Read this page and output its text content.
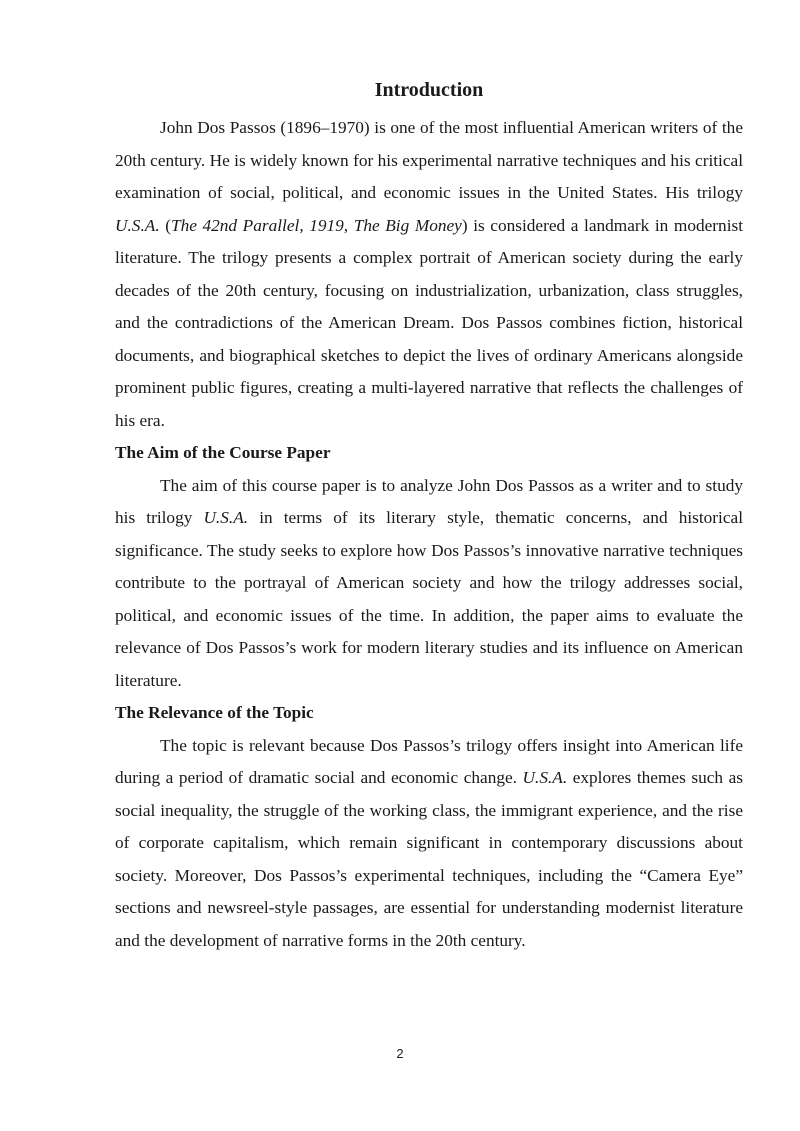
Introduction

John Dos Passos (1896–1970) is one of the most influential American writers of the 20th century. He is widely known for his experimental narrative techniques and his critical examination of social, political, and economic issues in the United States. His trilogy U.S.A. (The 42nd Parallel, 1919, The Big Money) is considered a landmark in modernist literature. The trilogy presents a complex portrait of American society during the early decades of the 20th century, focusing on industrialization, urbanization, class struggles, and the contradictions of the American Dream. Dos Passos combines fiction, historical documents, and biographical sketches to depict the lives of ordinary Americans alongside prominent public figures, creating a multi-layered narrative that reflects the challenges of his era.

The Aim of the Course Paper

The aim of this course paper is to analyze John Dos Passos as a writer and to study his trilogy U.S.A. in terms of its literary style, thematic concerns, and historical significance. The study seeks to explore how Dos Passos’s innovative narrative techniques contribute to the portrayal of American society and how the trilogy addresses social, political, and economic issues of the time. In addition, the paper aims to evaluate the relevance of Dos Passos’s work for modern literary studies and its influence on American literature.

The Relevance of the Topic

The topic is relevant because Dos Passos’s trilogy offers insight into American life during a period of dramatic social and economic change. U.S.A. explores themes such as social inequality, the struggle of the working class, the immigrant experience, and the rise of corporate capitalism, which remain significant in contemporary discussions about society. Moreover, Dos Passos’s experimental techniques, including the “Camera Eye” sections and newsreel-style passages, are essential for understanding modernist literature and the development of narrative forms in the 20th century.

2
